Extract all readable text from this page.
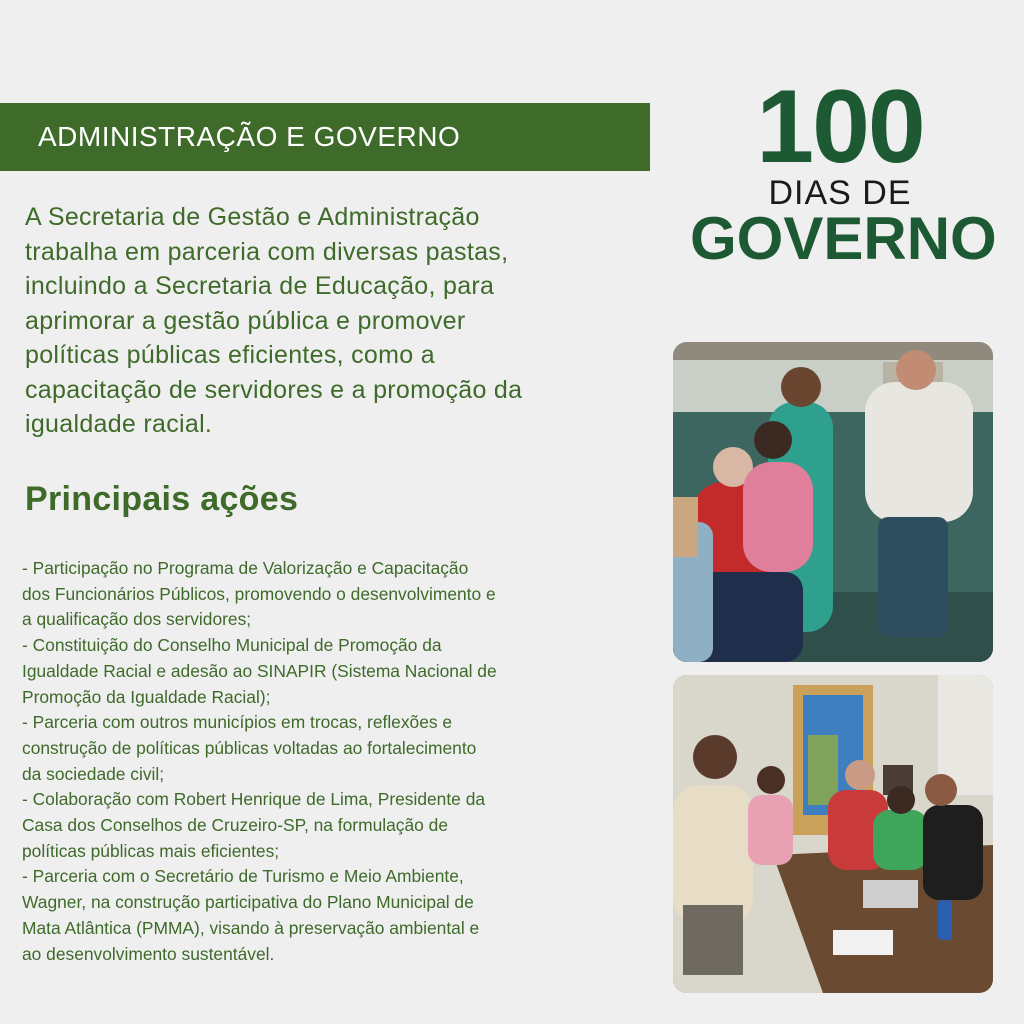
ADMINISTRAÇÃO E GOVERNO
A Secretaria de Gestão e Administração
trabalha em parceria com diversas pastas,
incluindo a Secretaria de Educação, para
aprimorar a gestão pública e promover
políticas públicas eficientes, como a
capacitação de servidores e a promoção da
igualdade racial.
Principais ações
- Participação no Programa de Valorização e Capacitação
dos Funcionários Públicos, promovendo o desenvolvimento e
a qualificação dos servidores;
- Constituição do Conselho Municipal de Promoção da
Igualdade Racial e adesão ao SINAPIR (Sistema Nacional de
Promoção da Igualdade Racial);
- Parceria com outros municípios em trocas, reflexões e
construção de políticas públicas voltadas ao fortalecimento
da sociedade civil;
- Colaboração com Robert Henrique de Lima, Presidente da
Casa dos Conselhos de Cruzeiro-SP, na formulação de
políticas públicas mais eficientes;
- Parceria com o Secretário de Turismo e Meio Ambiente,
Wagner, na construção participativa do Plano Municipal de
Mata Atlântica (PMMA), visando à preservação ambiental e
ao desenvolvimento sustentável.
100
DIAS DE
GOVERNO
